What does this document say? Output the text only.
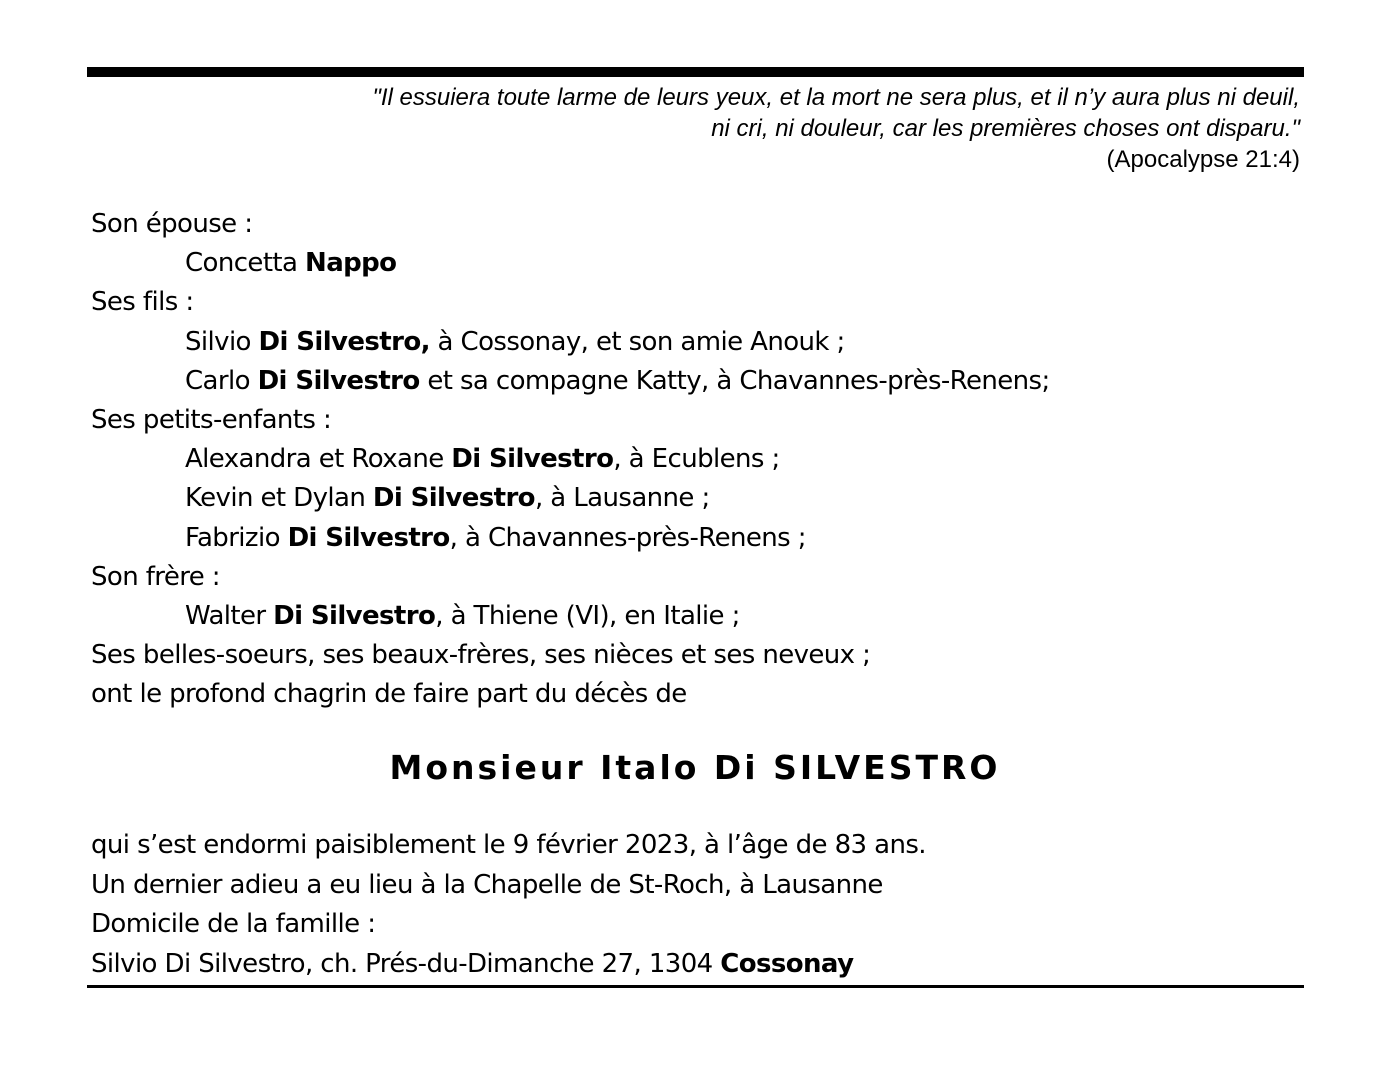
"Il essuiera toute larme de leurs yeux, et la mort ne sera plus, et il n’y aura plus ni deuil,
ni cri, ni douleur, car les premières choses ont disparu."
(Apocalypse 21:4)
Son épouse :
Concetta Nappo
Ses fils :
Silvio Di Silvestro, à Cossonay, et son amie Anouk ;
Carlo Di Silvestro et sa compagne Katty, à Chavannes-près-Renens;
Ses petits-enfants :
Alexandra et Roxane Di Silvestro, à Ecublens ;
Kevin et Dylan Di Silvestro, à Lausanne ;
Fabrizio Di Silvestro, à Chavannes-près-Renens ;
Son frère :
Walter Di Silvestro, à Thiene (VI), en Italie ;
Ses belles-soeurs, ses beaux-frères, ses nièces et ses neveux ;
ont le profond chagrin de faire part du décès de
Monsieur Italo Di SILVESTRO
qui s’est endormi paisiblement le 9 février 2023, à l’âge de 83 ans.
Un dernier adieu a eu lieu à la Chapelle de St-Roch, à Lausanne
Domicile de la famille :
Silvio Di Silvestro, ch. Prés-du-Dimanche 27, 1304 Cossonay
